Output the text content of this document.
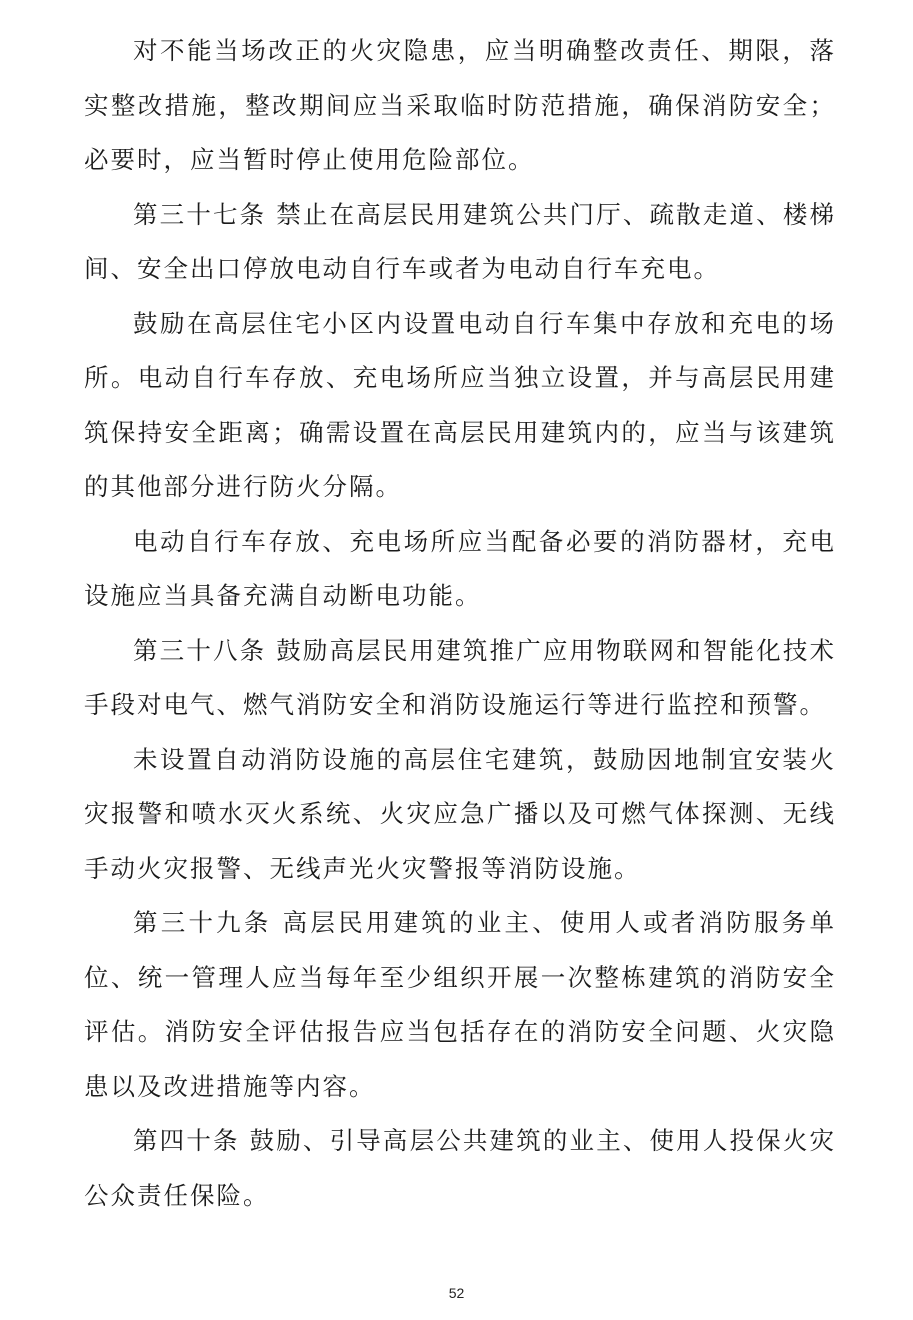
对不能当场改正的火灾隐患，应当明确整改责任、期限，落实整改措施，整改期间应当采取临时防范措施，确保消防安全；必要时，应当暂时停止使用危险部位。

第三十七条 禁止在高层民用建筑公共门厅、疏散走道、楼梯间、安全出口停放电动自行车或者为电动自行车充电。

鼓励在高层住宅小区内设置电动自行车集中存放和充电的场所。电动自行车存放、充电场所应当独立设置，并与高层民用建筑保持安全距离；确需设置在高层民用建筑内的，应当与该建筑的其他部分进行防火分隔。

电动自行车存放、充电场所应当配备必要的消防器材，充电设施应当具备充满自动断电功能。

第三十八条 鼓励高层民用建筑推广应用物联网和智能化技术手段对电气、燃气消防安全和消防设施运行等进行监控和预警。

未设置自动消防设施的高层住宅建筑，鼓励因地制宜安装火灾报警和喷水灭火系统、火灾应急广播以及可燃气体探测、无线手动火灾报警、无线声光火灾警报等消防设施。

第三十九条 高层民用建筑的业主、使用人或者消防服务单位、统一管理人应当每年至少组织开展一次整栋建筑的消防安全评估。消防安全评估报告应当包括存在的消防安全问题、火灾隐患以及改进措施等内容。

第四十条 鼓励、引导高层公共建筑的业主、使用人投保火灾公众责任保险。

52
